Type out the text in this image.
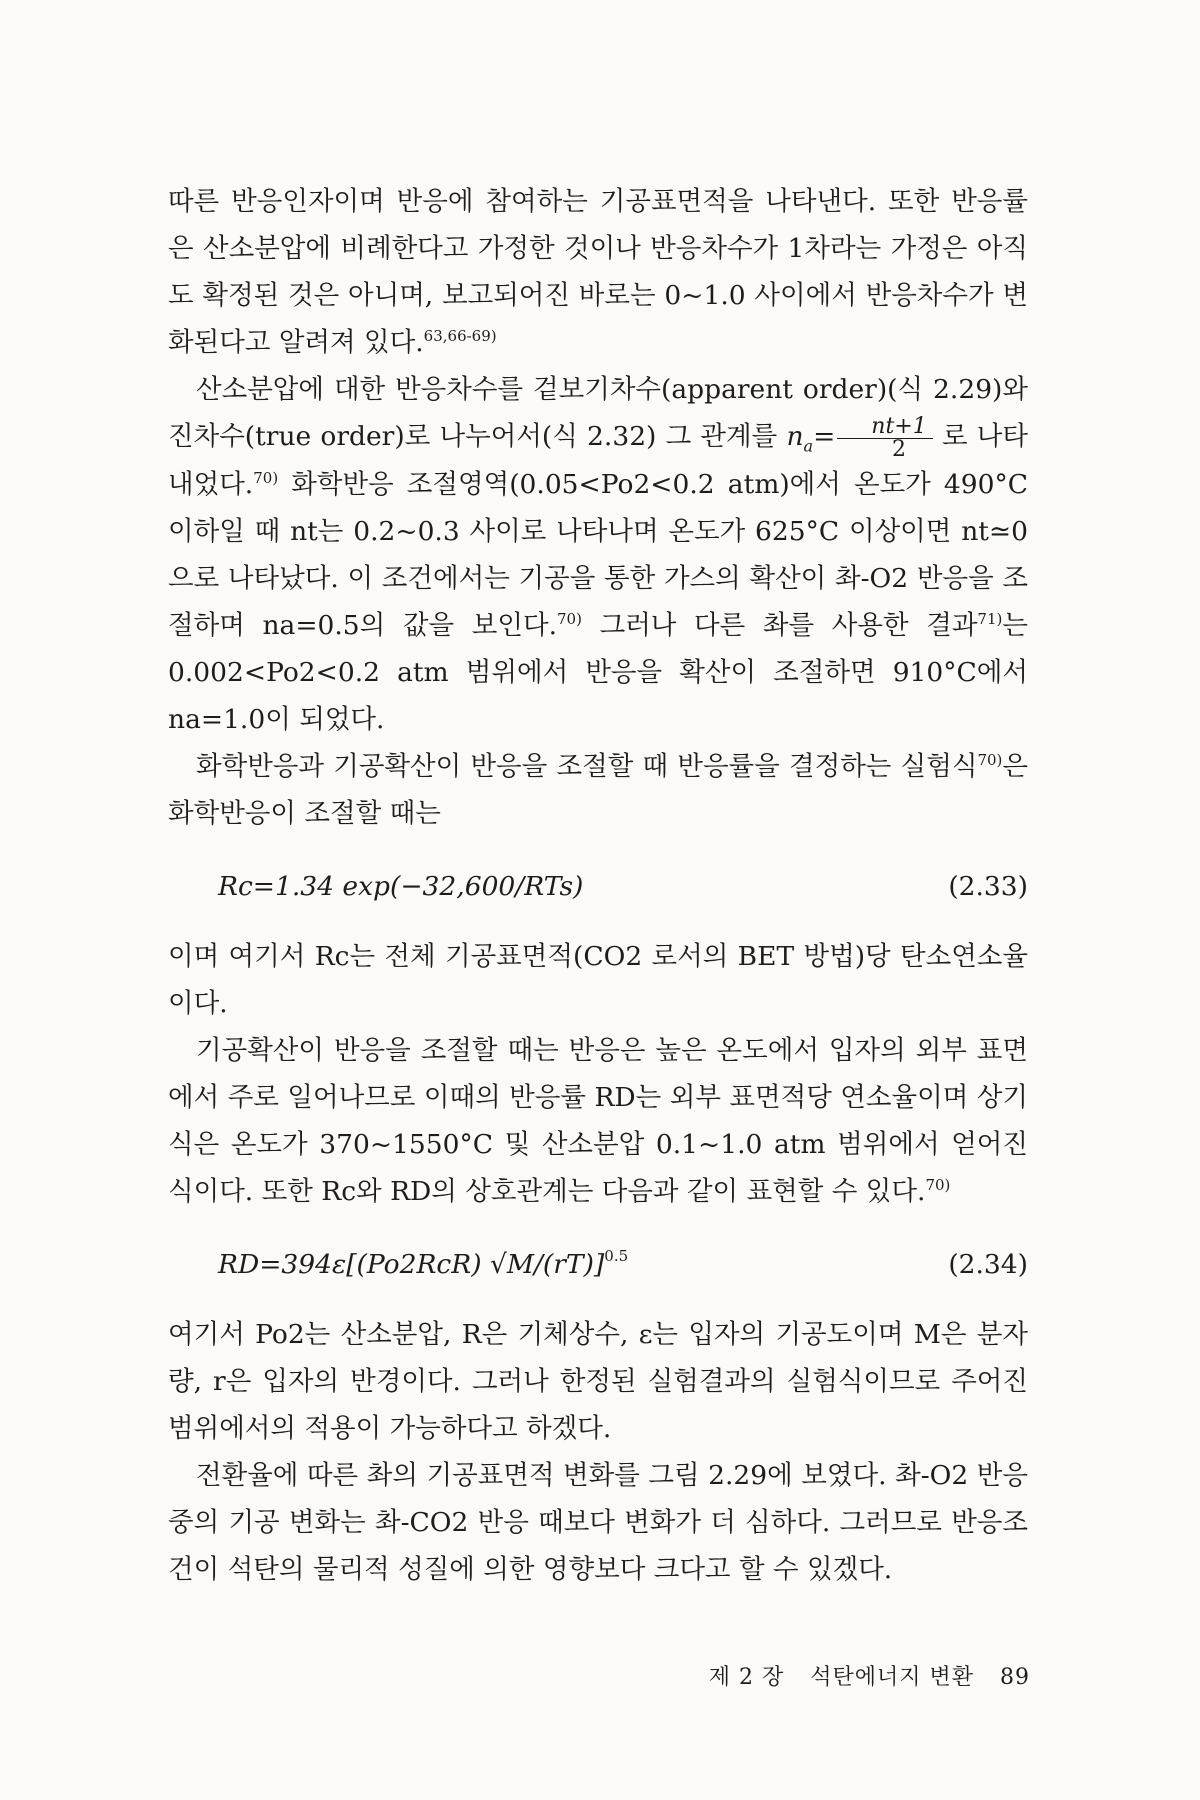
따른 반응인자이며 반응에 참여하는 기공표면적을 나타낸다. 또한 반응률은 산소분압에 비례한다고 가정한 것이나 반응차수가 1차라는 가정은 아직도 확정된 것은 아니며, 보고되어진 바로는 0~1.0 사이에서 반응차수가 변화된다고 알려져 있다.$^{63,66-69)}$

산소분압에 대한 반응차수를 겉보기차수(apparent order)(식 2.29)와 진차수(true order)로 나누어서(식 2.32) 그 관계를 $n_a= \frac{nt+1}{2}$ 로 나타내었다.$^{70)}$ 화학반응 조절영역(0.05<Po2<0.2 atm)에서 온도가 490°C 이하일 때 nt는 0.2~0.3 사이로 나타나며 온도가 625°C 이상이면 nt≃0으로 나타났다. 이 조건에서는 기공을 통한 가스의 확산이 촤-O2 반응을 조절하며 na=0.5의 값을 보인다.$^{70)}$ 그러나 다른 촤를 사용한 결과$^{71)}$는 0.002<Po2<0.2 atm 범위에서 반응을 확산이 조절하면 910°C에서 na=1.0이 되었다.

화학반응과 기공확산이 반응을 조절할 때 반응률을 결정하는 실험식$^{70)}$은 화학반응이 조절할 때는

Rc=1.34 exp(−32,600/RTs)	(2.33)

이며 여기서 Rc는 전체 기공표면적(CO2 로서의 BET 방법)당 탄소연소율이다.

기공확산이 반응을 조절할 때는 반응은 높은 온도에서 입자의 외부 표면에서 주로 일어나므로 이때의 반응률 RD는 외부 표면적당 연소율이며 상기식은 온도가 370~1550°C 및 산소분압 0.1~1.0 atm 범위에서 얻어진 식이다. 또한 Rc와 RD의 상호관계는 다음과 같이 표현할 수 있다.$^{70)}$

RD=394ε[(Po2RcR) √M/(rT)]$^{0.5}$	(2.34)

여기서 Po2는 산소분압, R은 기체상수, ε는 입자의 기공도이며 M은 분자량, r은 입자의 반경이다. 그러나 한정된 실험결과의 실험식이므로 주어진 범위에서의 적용이 가능하다고 하겠다.

전환율에 따른 촤의 기공표면적 변화를 그림 2.29에 보였다. 촤-O2 반응 중의 기공 변화는 촤-CO2 반응 때보다 변화가 더 심하다. 그러므로 반응조건이 석탄의 물리적 성질에 의한 영향보다 크다고 할 수 있겠다.

제 2 장 석탄에너지 변환 89
